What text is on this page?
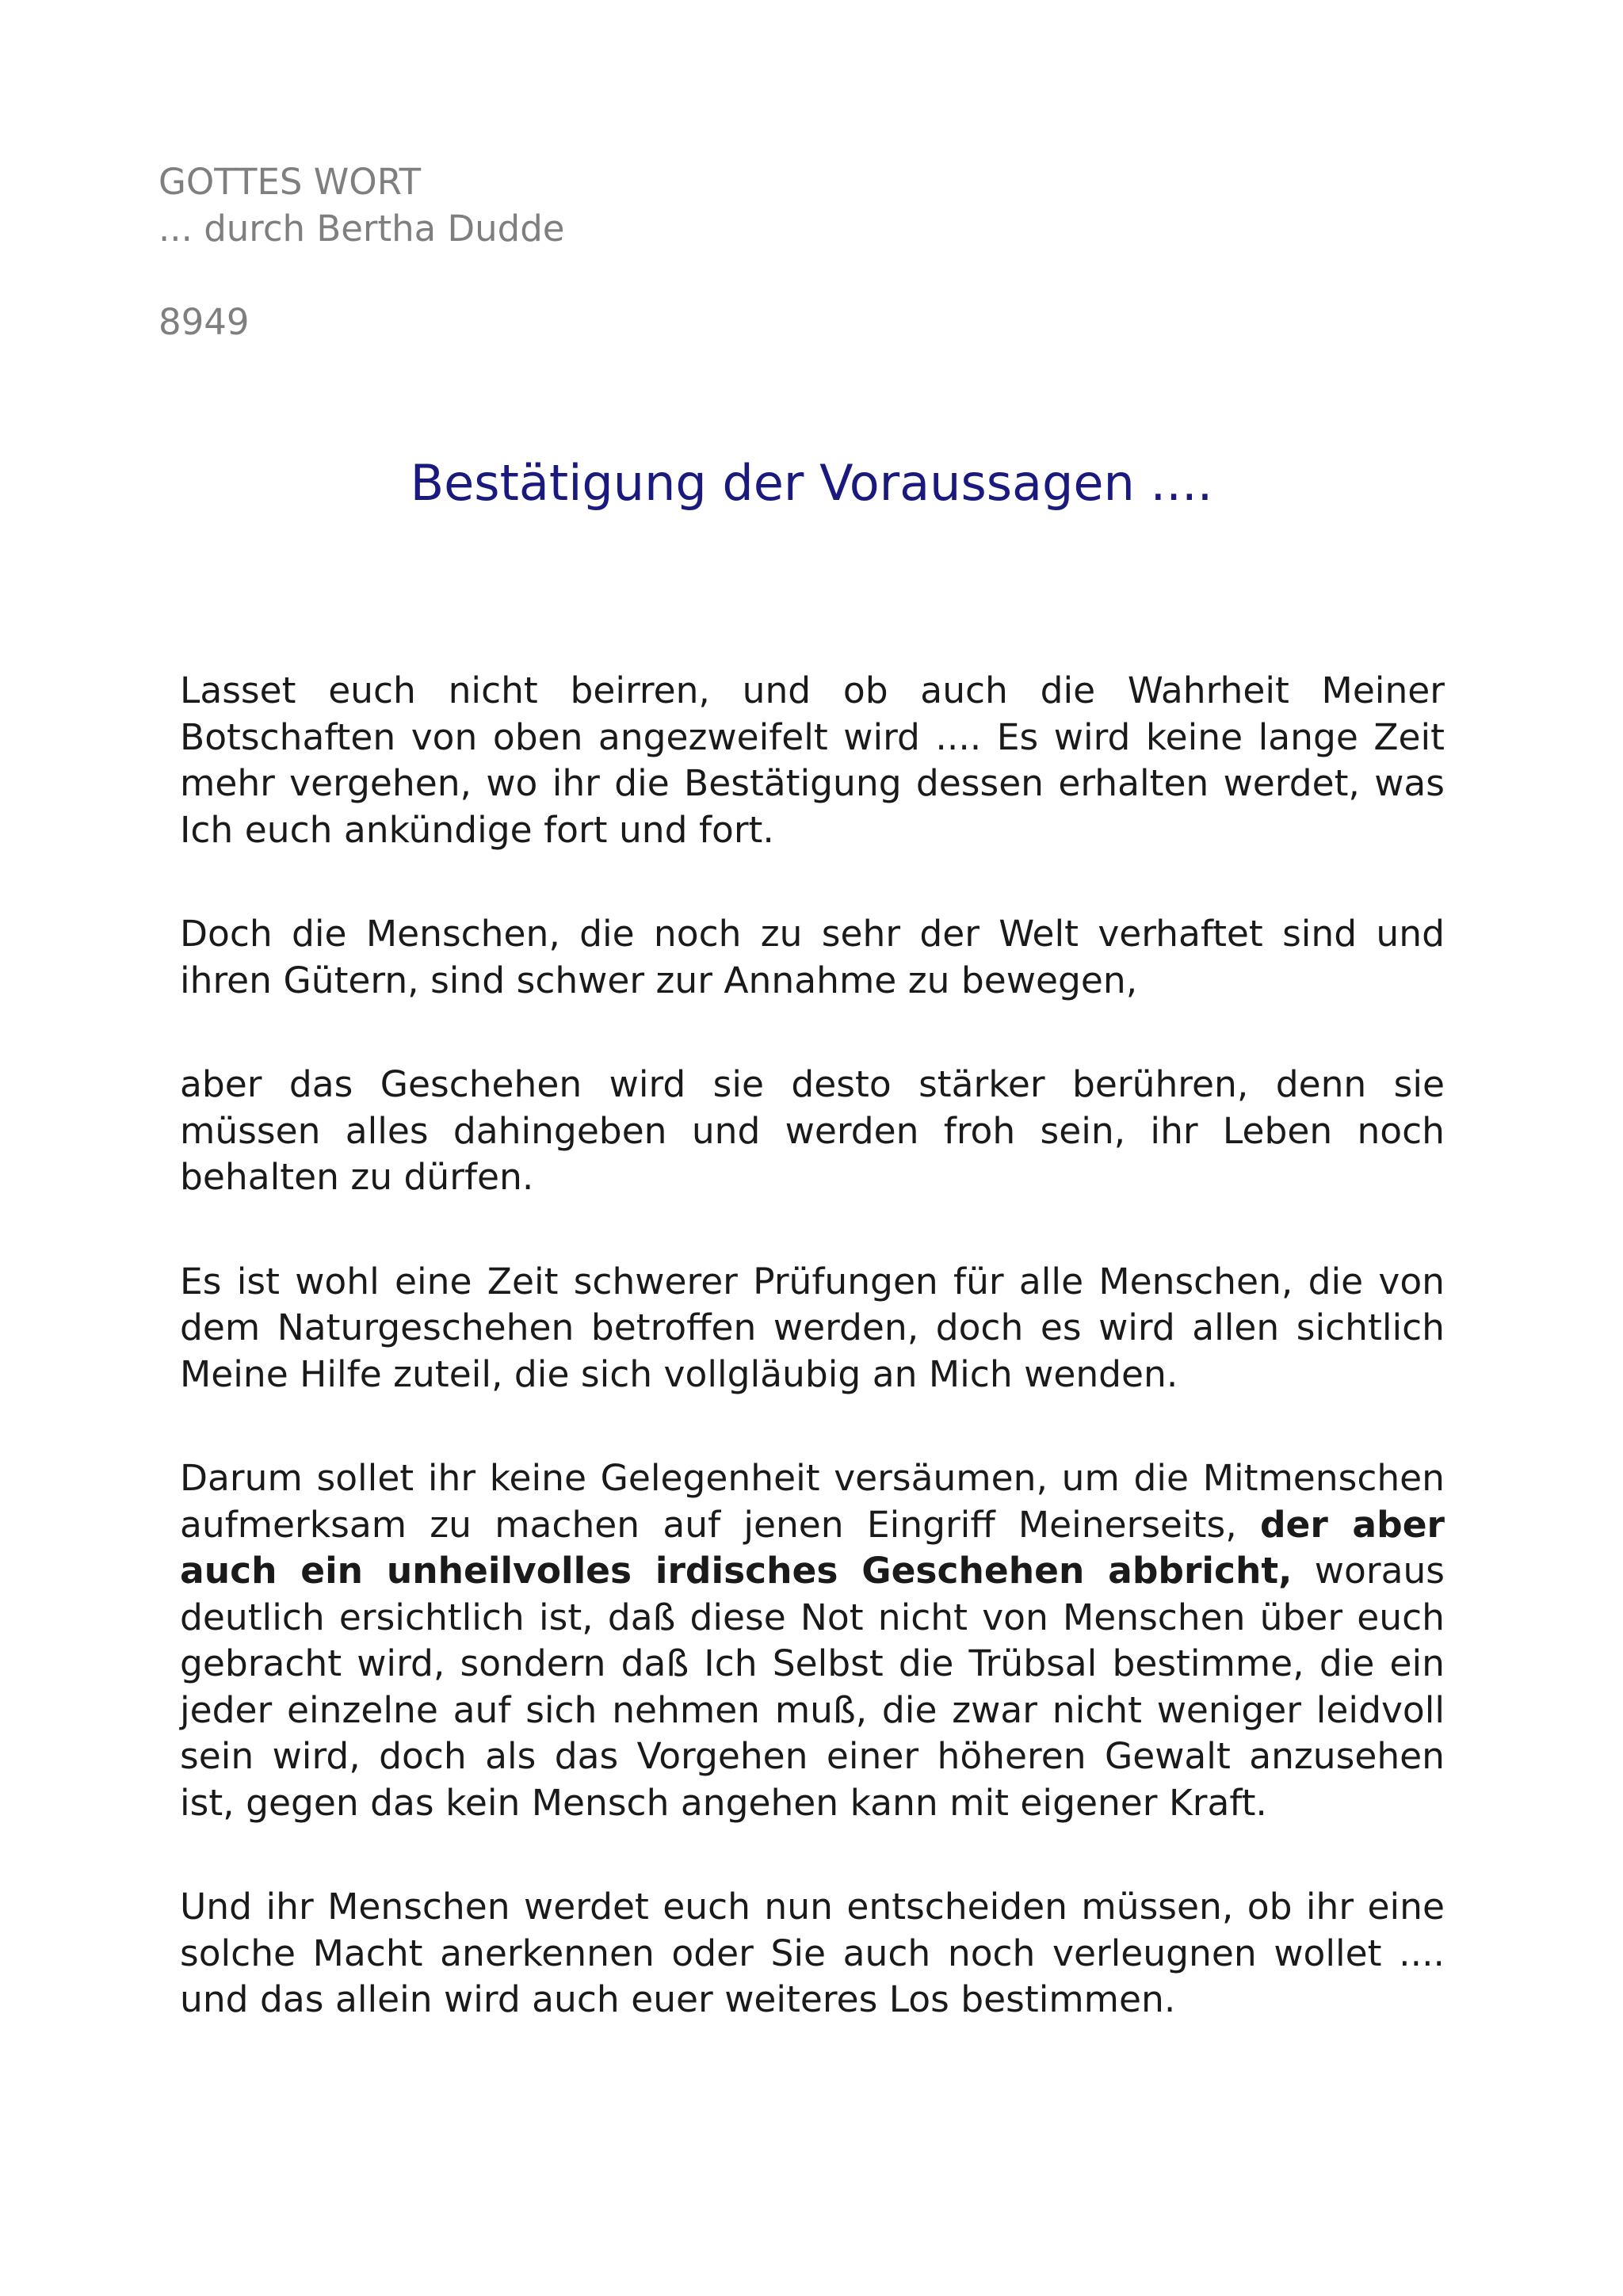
GOTTES WORT
... durch Bertha Dudde
8949
Bestätigung der Voraussagen ....

Lasset euch nicht beirren, und ob auch die Wahrheit Meiner Botschaften von oben angezweifelt wird .... Es wird keine lange Zeit mehr vergehen, wo ihr die Bestätigung dessen erhalten werdet, was Ich euch ankündige fort und fort.

Doch die Menschen, die noch zu sehr der Welt verhaftet sind und ihren Gütern, sind schwer zur Annahme zu bewegen,

aber das Geschehen wird sie desto stärker berühren, denn sie müssen alles dahingeben und werden froh sein, ihr Leben noch behalten zu dürfen.

Es ist wohl eine Zeit schwerer Prüfungen für alle Menschen, die von dem Naturgeschehen betroffen werden, doch es wird allen sichtlich Meine Hilfe zuteil, die sich vollgläubig an Mich wenden.

Darum sollet ihr keine Gelegenheit versäumen, um die Mitmenschen aufmerksam zu machen auf jenen Eingriff Meinerseits, der aber auch ein unheilvolles irdisches Geschehen abbricht, woraus deutlich ersichtlich ist, daß diese Not nicht von Menschen über euch gebracht wird, sondern daß Ich Selbst die Trübsal bestimme, die ein jeder einzelne auf sich nehmen muß, die zwar nicht weniger leidvoll sein wird, doch als das Vorgehen einer höheren Gewalt anzusehen ist, gegen das kein Mensch angehen kann mit eigener Kraft.

Und ihr Menschen werdet euch nun entscheiden müssen, ob ihr eine solche Macht anerkennen oder Sie auch noch verleugnen wollet .... und das allein wird auch euer weiteres Los bestimmen.
